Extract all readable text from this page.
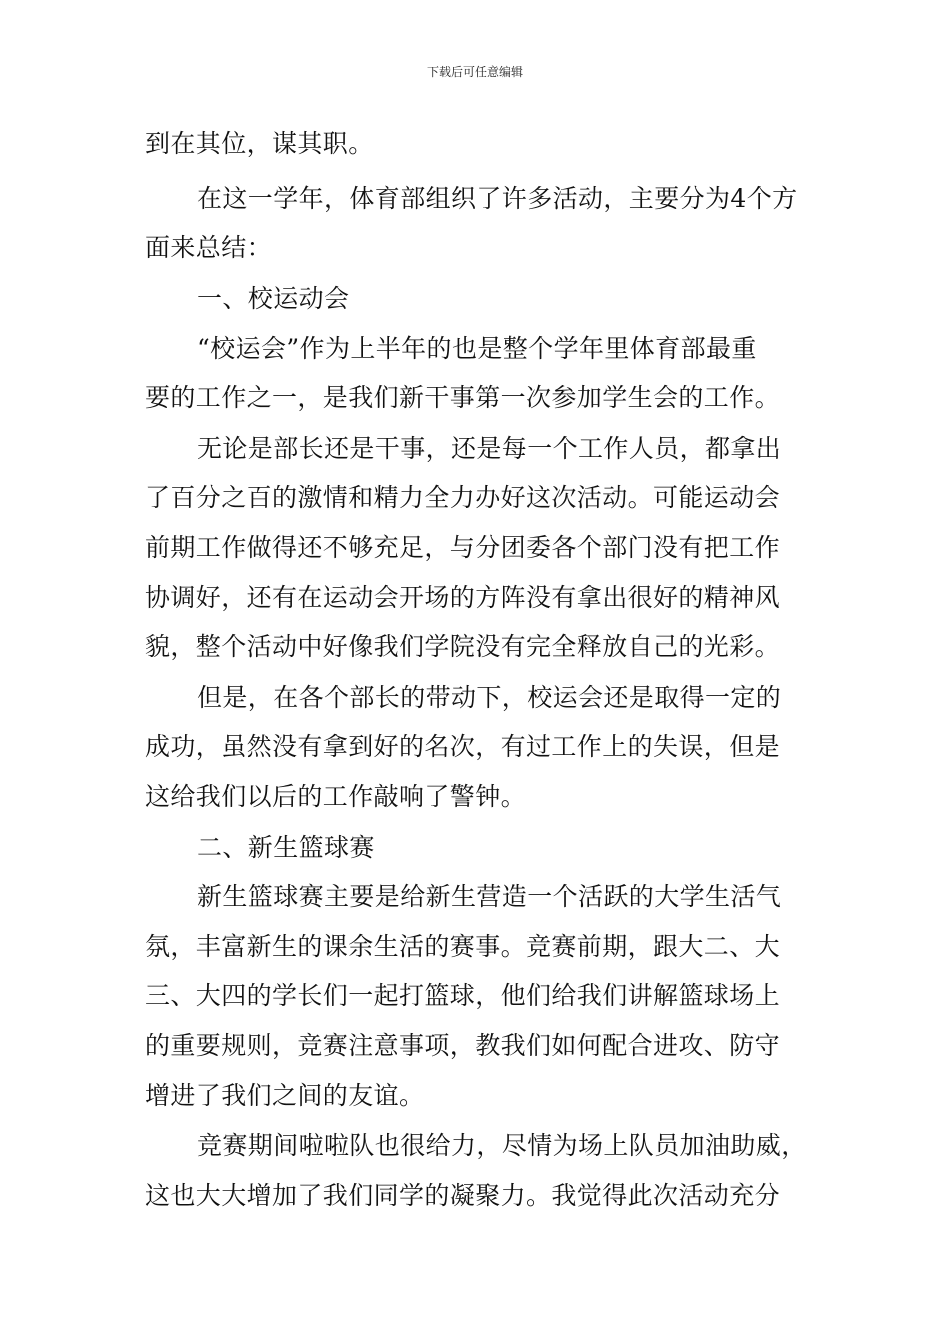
下载后可任意编辑
到在其位，谋其职。
在这一学年，体育部组织了许多活动，主要分为4个方
面来总结：
一、校运动会
“校运会”作为上半年的也是整个学年里体育部最重
要的工作之一，是我们新干事第一次参加学生会的工作。
无论是部长还是干事，还是每一个工作人员，都拿出
了百分之百的激情和精力全力办好这次活动。可能运动会
前期工作做得还不够充足，与分团委各个部门没有把工作
协调好，还有在运动会开场的方阵没有拿出很好的精神风
貌，整个活动中好像我们学院没有完全释放自己的光彩。
但是，在各个部长的带动下，校运会还是取得一定的
成功，虽然没有拿到好的名次，有过工作上的失误，但是
这给我们以后的工作敲响了警钟。
二、新生篮球赛
新生篮球赛主要是给新生营造一个活跃的大学生活气
氛，丰富新生的课余生活的赛事。竞赛前期，跟大二、大
三、大四的学长们一起打篮球，他们给我们讲解篮球场上
的重要规则，竞赛注意事项，教我们如何配合进攻、防守
增进了我们之间的友谊。
竞赛期间啦啦队也很给力，尽情为场上队员加油助威，
这也大大增加了我们同学的凝聚力。我觉得此次活动充分
